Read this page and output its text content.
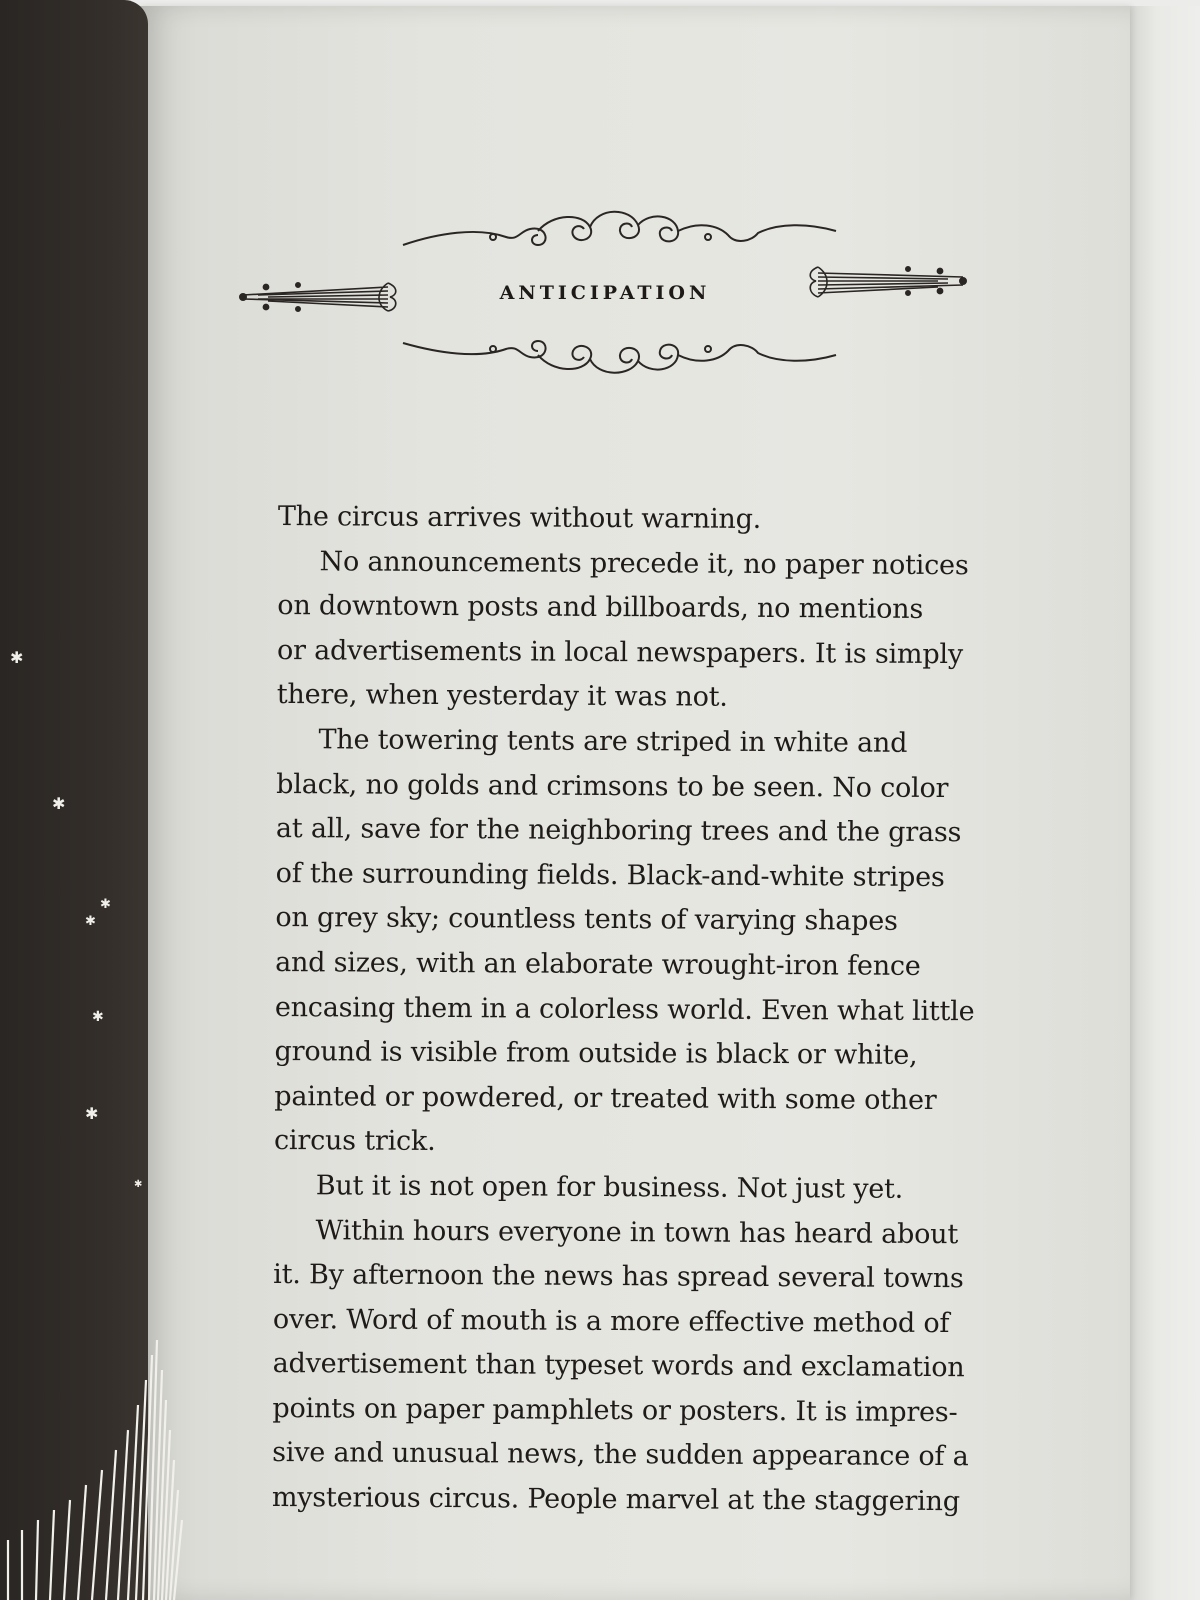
✱
✱
✱
✱
✱
✱
✱
ANTICIPATION
The circus arrives without warning.
No announcements precede it, no paper notices
on downtown posts and billboards, no mentions
or advertisements in local newspapers. It is simply
there, when yesterday it was not.
The towering tents are striped in white and
black, no golds and crimsons to be seen. No color
at all, save for the neighboring trees and the grass
of the surrounding fields. Black-and-white stripes
on grey sky; countless tents of varying shapes
and sizes, with an elaborate wrought-iron fence
encasing them in a colorless world. Even what little
ground is visible from outside is black or white,
painted or powdered, or treated with some other
circus trick.
But it is not open for business. Not just yet.
Within hours everyone in town has heard about
it. By afternoon the news has spread several towns
over. Word of mouth is a more effective method of
advertisement than typeset words and exclamation
points on paper pamphlets or posters. It is impres-
sive and unusual news, the sudden appearance of a
mysterious circus. People marvel at the staggering
